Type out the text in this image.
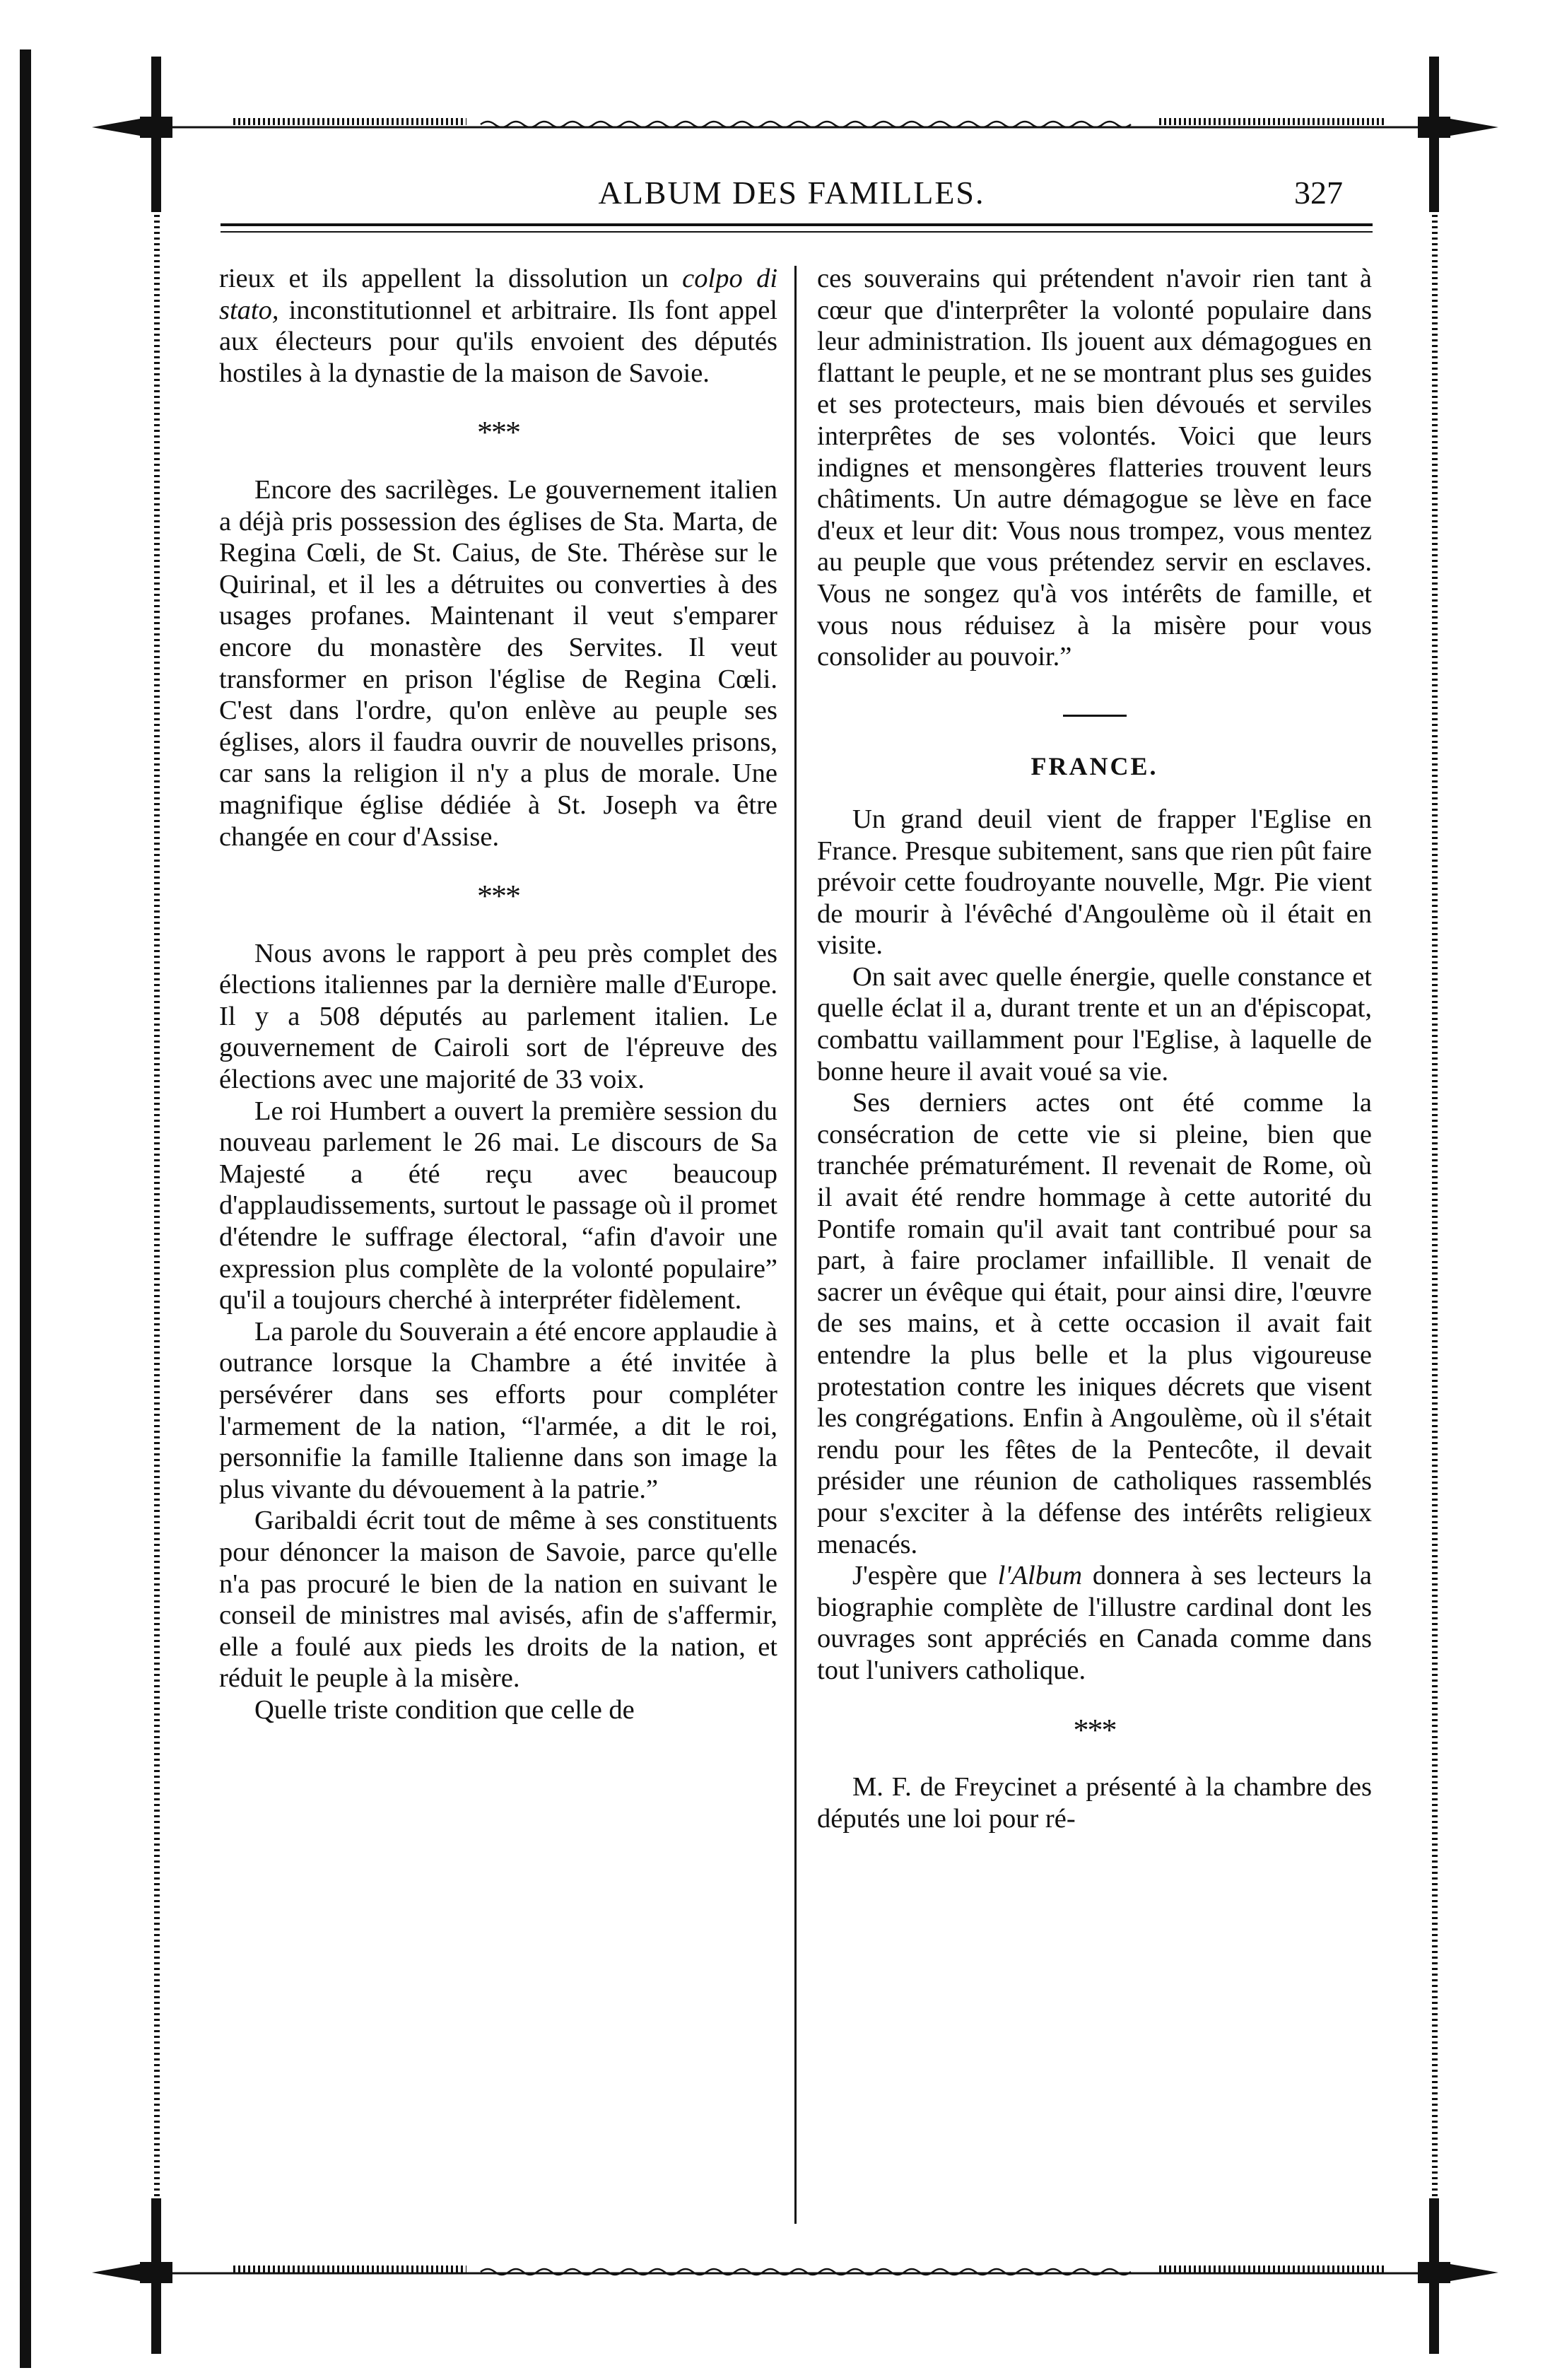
ALBUM DES FAMILLES.	327

rieux et ils appellent la dissolution un colpo di stato, inconstitutionnel et arbitraire. Ils font appel aux électeurs pour qu'ils envoient des députés hostiles à la dynastie de la maison de Savoie.

***

Encore des sacrilèges. Le gouvernement italien a déjà pris possession des églises de Sta. Marta, de Regina Cœli, de St. Caius, de Ste. Thérèse sur le Quirinal, et il les a détruites ou converties à des usages profanes. Maintenant il veut s'emparer encore du monastère des Servites. Il veut transformer en prison l'église de Regina Cœli. C'est dans l'ordre, qu'on enlève au peuple ses églises, alors il faudra ouvrir de nouvelles prisons, car sans la religion il n'y a plus de morale. Une magnifique église dédiée à St. Joseph va être changée en cour d'Assise.

***

Nous avons le rapport à peu près complet des élections italiennes par la dernière malle d'Europe. Il y a 508 députés au parlement italien. Le gouvernement de Cairoli sort de l'épreuve des élections avec une majorité de 33 voix.

Le roi Humbert a ouvert la première session du nouveau parlement le 26 mai. Le discours de Sa Majesté a été reçu avec beaucoup d'applaudissements, surtout le passage où il promet d'étendre le suffrage électoral, “afin d'avoir une expression plus complète de la volonté populaire” qu'il a toujours cherché à interpréter fidèlement.

La parole du Souverain a été encore applaudie à outrance lorsque la Chambre a été invitée à persévérer dans ses efforts pour compléter l'armement de la nation, “l'armée, a dit le roi, personnifie la famille Italienne dans son image la plus vivante du dévouement à la patrie.”

Garibaldi écrit tout de même à ses constituents pour dénoncer la maison de Savoie, parce qu'elle n'a pas procuré le bien de la nation en suivant le conseil de ministres mal avisés, afin de s'affermir, elle a foulé aux pieds les droits de la nation, et réduit le peuple à la misère.

Quelle triste condition que celle de

ces souverains qui prétendent n'avoir rien tant à cœur que d'interprêter la volonté populaire dans leur administration. Ils jouent aux démagogues en flattant le peuple, et ne se montrant plus ses guides et ses protecteurs, mais bien dévoués et serviles interprêtes de ses volontés. Voici que leurs indignes et mensongères flatteries trouvent leurs châtiments. Un autre démagogue se lève en face d'eux et leur dit: Vous nous trompez, vous mentez au peuple que vous prétendez servir en esclaves. Vous ne songez qu'à vos intérêts de famille, et vous nous réduisez à la misère pour vous consolider au pouvoir.”

FRANCE.

Un grand deuil vient de frapper l'Eglise en France. Presque subitement, sans que rien pût faire prévoir cette foudroyante nouvelle, Mgr. Pie vient de mourir à l'évêché d'Angoulème où il était en visite.

On sait avec quelle énergie, quelle constance et quelle éclat il a, durant trente et un an d'épiscopat, combattu vaillamment pour l'Eglise, à laquelle de bonne heure il avait voué sa vie.

Ses derniers actes ont été comme la consécration de cette vie si pleine, bien que tranchée prématurément. Il revenait de Rome, où il avait été rendre hommage à cette autorité du Pontife romain qu'il avait tant contribué pour sa part, à faire proclamer infaillible. Il venait de sacrer un évêque qui était, pour ainsi dire, l'œuvre de ses mains, et à cette occasion il avait fait entendre la plus belle et la plus vigoureuse protestation contre les iniques décrets que visent les congrégations. Enfin à Angoulème, où il s'était rendu pour les fêtes de la Pentecôte, il devait présider une réunion de catholiques rassemblés pour s'exciter à la défense des intérêts religieux menacés.

J'espère que l'Album donnera à ses lecteurs la biographie complète de l'illustre cardinal dont les ouvrages sont appréciés en Canada comme dans tout l'univers catholique.

***

M. F. de Freycinet a présenté à la chambre des députés une loi pour ré-
